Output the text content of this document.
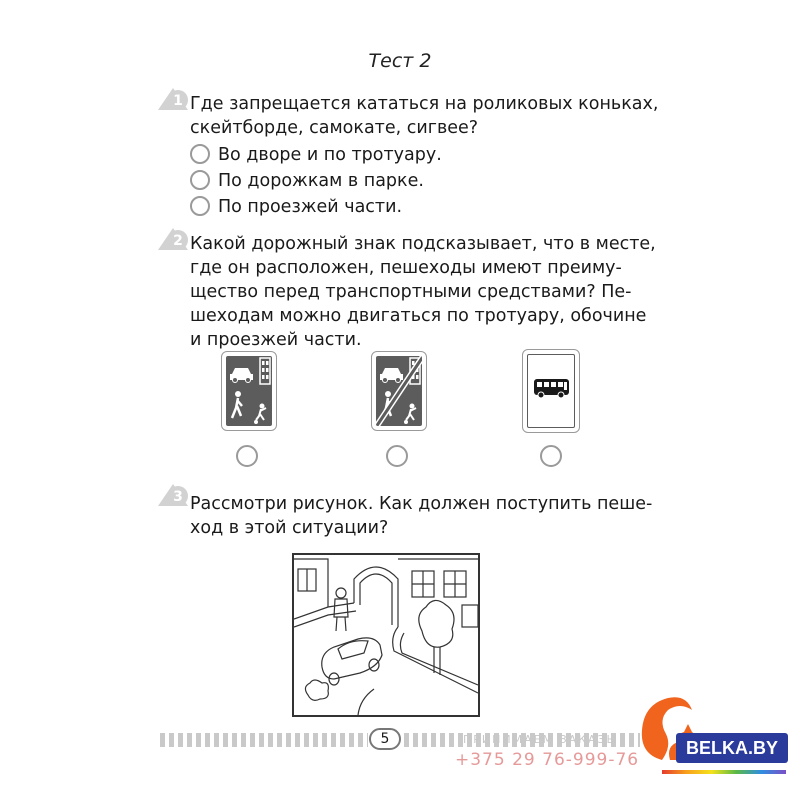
Тест 2
1 Где запрещается кататься на роликовых коньках,
скейтборде, самокате, сигвее?
Во дворе и по тротуару.
По дорожкам в парке.
По проезжей части.
2 Какой дорожный знак подсказывает, что в месте,
где он расположен, пешеходы имеют преиму-
щество перед транспортными средствами? Пе-
шеходам можно двигаться по тротуару, обочине
и проезжей части.
3 Рассмотри рисунок. Как должен поступить пеше-
ход в этой ситуации?
5	ПРИНИМАЕМ ЗАКАЗЫ
+375 29 76-999-76
BELKA.BY
